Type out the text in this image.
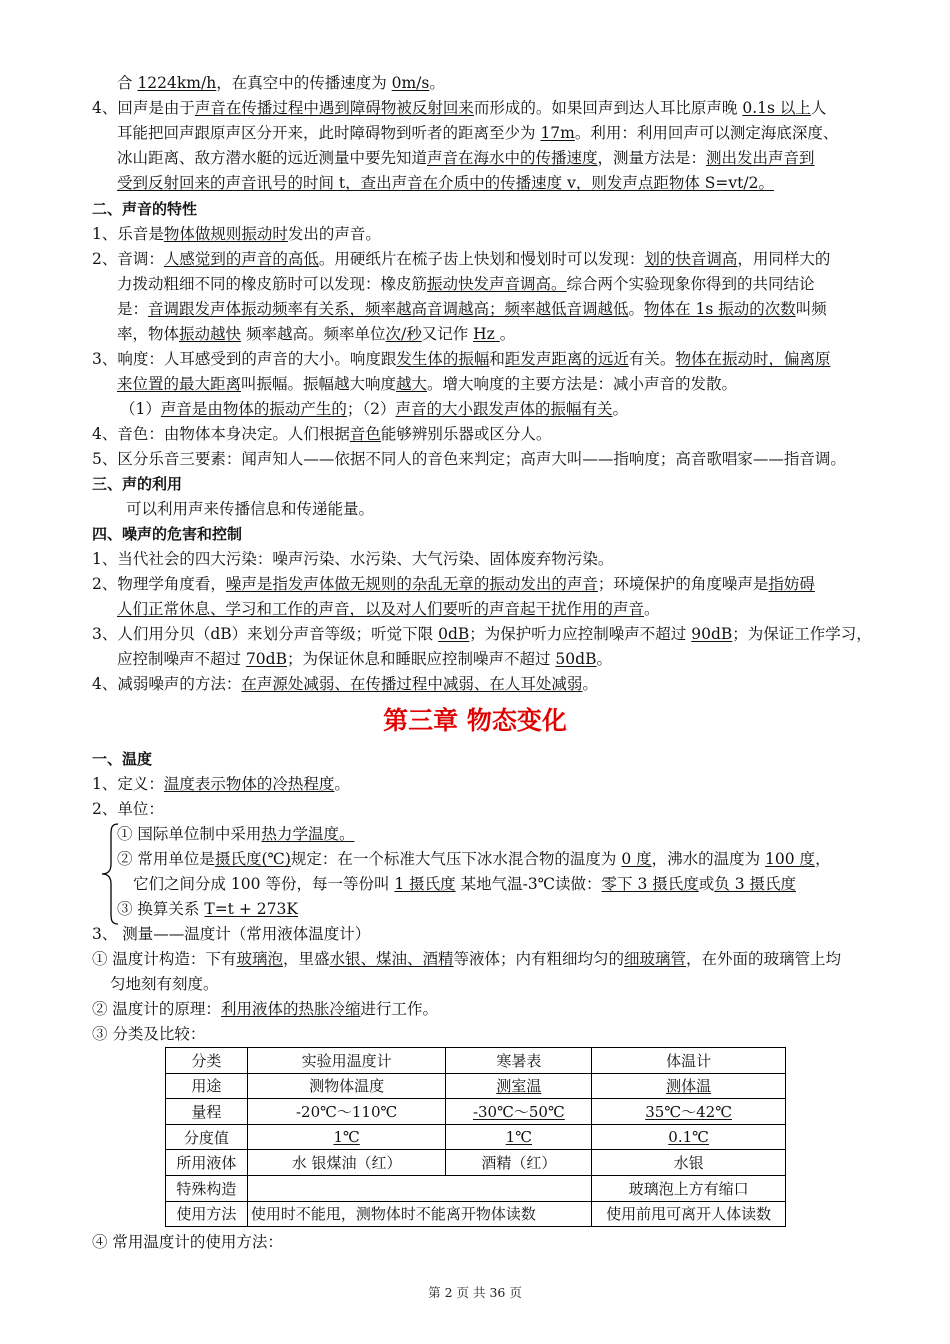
合 1224km/h，在真空中的传播速度为 0m/s。
4、回声是由于声音在传播过程中遇到障碍物被反射回来而形成的。如果回声到达人耳比原声晚 0.1s 以上人
耳能把回声跟原声区分开来，此时障碍物到听者的距离至少为 17m。利用：利用回声可以测定海底深度、
冰山距离、敌方潜水艇的远近测量中要先知道声音在海水中的传播速度，测量方法是：测出发出声音到
受到反射回来的声音讯号的时间 t，查出声音在介质中的传播速度 v，则发声点距物体 S=vt/2。
二、声音的特性
1、乐音是物体做规则振动时发出的声音。
2、音调：人感觉到的声音的高低。用硬纸片在梳子齿上快划和慢划时可以发现：划的快音调高，用同样大的
力拨动粗细不同的橡皮筋时可以发现：橡皮筋振动快发声音调高。综合两个实验现象你得到的共同结论
是：音调跟发声体振动频率有关系，频率越高音调越高；频率越低音调越低。物体在 1s 振动的次数叫频
率，物体振动越快 频率越高。频率单位次/秒又记作 Hz 。
3、响度：人耳感受到的声音的大小。响度跟发生体的振幅和距发声距离的远近有关。物体在振动时，偏离原
来位置的最大距离叫振幅。振幅越大响度越大。增大响度的主要方法是：减小声音的发散。
（1）声音是由物体的振动产生的；（2）声音的大小跟发声体的振幅有关。
4、音色：由物体本身决定。人们根据音色能够辨别乐器或区分人。
5、区分乐音三要素：闻声知人——依据不同人的音色来判定；高声大叫——指响度；高音歌唱家——指音调。
三、声的利用
可以利用声来传播信息和传递能量。
四、噪声的危害和控制
1、当代社会的四大污染：噪声污染、水污染、大气污染、固体废弃物污染。
2、物理学角度看，噪声是指发声体做无规则的杂乱无章的振动发出的声音；环境保护的角度噪声是指妨碍
人们正常休息、学习和工作的声音，以及对人们要听的声音起干扰作用的声音。
3、人们用分贝（dB）来划分声音等级；听觉下限 0dB；为保护听力应控制噪声不超过 90dB；为保证工作学习，
应控制噪声不超过 70dB；为保证休息和睡眠应控制噪声不超过 50dB。
4、减弱噪声的方法：在声源处减弱、在传播过程中减弱、在人耳处减弱。
第三章 物态变化
一、温度
1、定义：温度表示物体的冷热程度。
2、单位：
① 国际单位制中采用热力学温度。
② 常用单位是摄氏度(℃)规定：在一个标准大气压下冰水混合物的温度为 0 度，沸水的温度为 100 度，
它们之间分成 100 等份，每一等份叫 1 摄氏度 某地气温-3℃读做：零下 3 摄氏度或负 3 摄氏度
③ 换算关系 T=t + 273K
3、 测量——温度计（常用液体温度计）
① 温度计构造：下有玻璃泡，里盛水银、煤油、酒精等液体；内有粗细均匀的细玻璃管，在外面的玻璃管上均
匀地刻有刻度。
② 温度计的原理：利用液体的热胀冷缩进行工作。
③ 分类及比较：
分类	实验用温度计	寒暑表	体温计
用途	测物体温度	测室温	测体温
量程	-20℃～110℃	-30℃～50℃	35℃～42℃
分度值	1℃	1℃	0.1℃
所用液体	水 银煤油（红）	酒精（红）	水银
特殊构造			玻璃泡上方有缩口
使用方法	使用时不能甩，测物体时不能离开物体读数		使用前甩可离开人体读数
④ 常用温度计的使用方法：
第 2 页 共 36 页
